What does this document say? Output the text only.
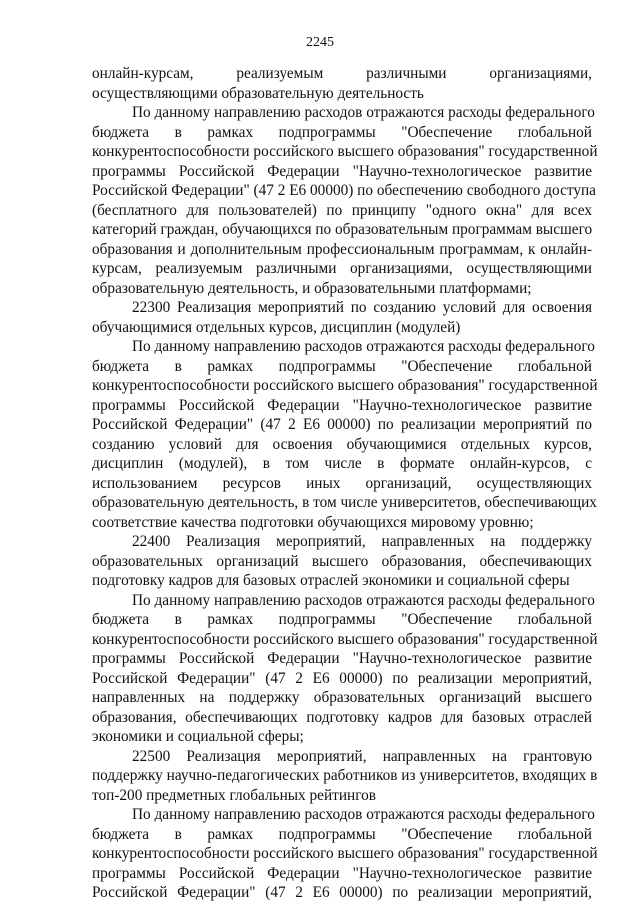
2245
онлайн-курсам, реализуемым различными организациями,
осуществляющими образовательную деятельность
По данному направлению расходов отражаются расходы федерального
бюджета в рамках подпрограммы "Обеспечение глобальной
конкурентоспособности российского высшего образования" государственной
программы Российской Федерации "Научно-технологическое развитие
Российской Федерации" (47 2 Е6 00000) по обеспечению свободного доступа
(бесплатного для пользователей) по принципу "одного окна" для всех
категорий граждан, обучающихся по образовательным программам высшего
образования и дополнительным профессиональным программам, к онлайн-
курсам, реализуемым различными организациями, осуществляющими
образовательную деятельность, и образовательными платформами;
22300 Реализация мероприятий по созданию условий для освоения
обучающимися отдельных курсов, дисциплин (модулей)
По данному направлению расходов отражаются расходы федерального
бюджета в рамках подпрограммы "Обеспечение глобальной
конкурентоспособности российского высшего образования" государственной
программы Российской Федерации "Научно-технологическое развитие
Российской Федерации" (47 2 Е6 00000) по реализации мероприятий по
созданию условий для освоения обучающимися отдельных курсов,
дисциплин (модулей), в том числе в формате онлайн-курсов, с
использованием ресурсов иных организаций, осуществляющих
образовательную деятельность, в том числе университетов, обеспечивающих
соответствие качества подготовки обучающихся мировому уровню;
22400 Реализация мероприятий, направленных на поддержку
образовательных организаций высшего образования, обеспечивающих
подготовку кадров для базовых отраслей экономики и социальной сферы
По данному направлению расходов отражаются расходы федерального
бюджета в рамках подпрограммы "Обеспечение глобальной
конкурентоспособности российского высшего образования" государственной
программы Российской Федерации "Научно-технологическое развитие
Российской Федерации" (47 2 Е6 00000) по реализации мероприятий,
направленных на поддержку образовательных организаций высшего
образования, обеспечивающих подготовку кадров для базовых отраслей
экономики и социальной сферы;
22500 Реализация мероприятий, направленных на грантовую
поддержку научно-педагогических работников из университетов, входящих в
топ-200 предметных глобальных рейтингов
По данному направлению расходов отражаются расходы федерального
бюджета в рамках подпрограммы "Обеспечение глобальной
конкурентоспособности российского высшего образования" государственной
программы Российской Федерации "Научно-технологическое развитие
Российской Федерации" (47 2 Е6 00000) по реализации мероприятий,
